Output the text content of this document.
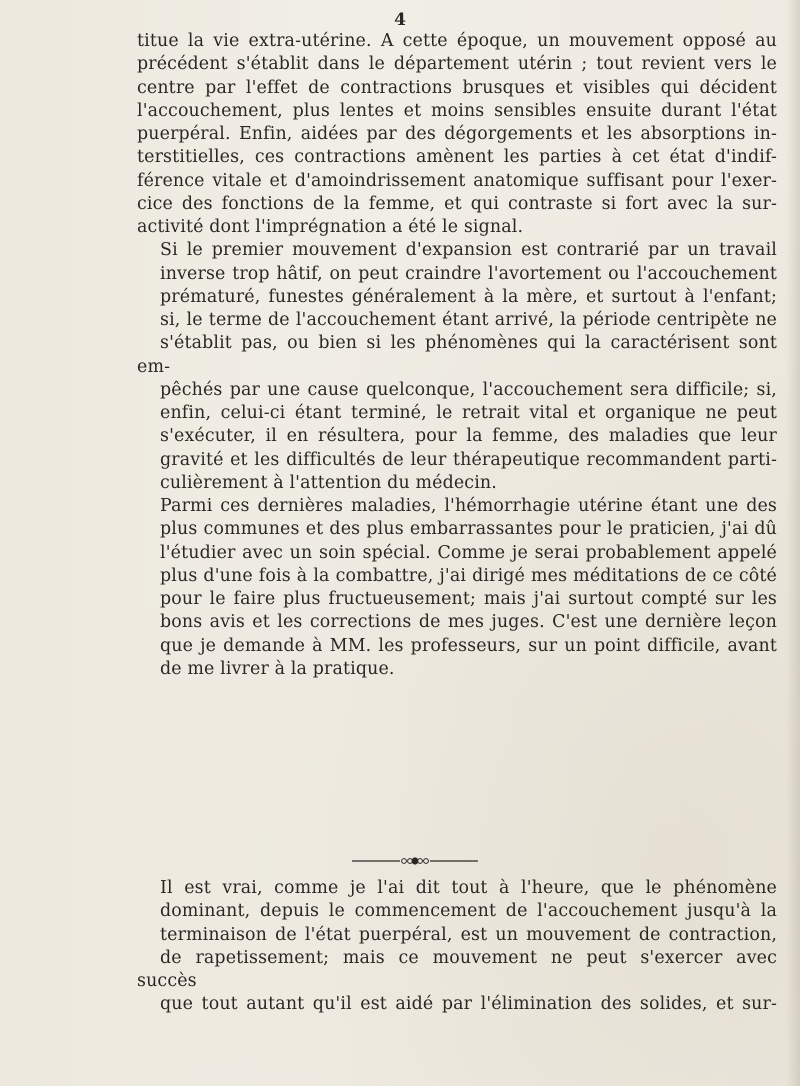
4

titue la vie extra-utérine. A cette époque, un mouvement opposé au
précédent s'établit dans le département utérin ; tout revient vers le
centre par l'effet de contractions brusques et visibles qui décident
l'accouchement, plus lentes et moins sensibles ensuite durant l'état
puerpéral. Enfin, aidées par des dégorgements et les absorptions in-
terstitielles, ces contractions amènent les parties à cet état d'indif-
férence vitale et d'amoindrissement anatomique suffisant pour l'exer-
cice des fonctions de la femme, et qui contraste si fort avec la sur-
activité dont l'imprégnation a été le signal.

Si le premier mouvement d'expansion est contrarié par un travail
inverse trop hâtif, on peut craindre l'avortement ou l'accouchement
prématuré, funestes généralement à la mère, et surtout à l'enfant;
si, le terme de l'accouchement étant arrivé, la période centripète ne
s'établit pas, ou bien si les phénomènes qui la caractérisent sont em-
pêchés par une cause quelconque, l'accouchement sera difficile; si,
enfin, celui-ci étant terminé, le retrait vital et organique ne peut
s'exécuter, il en résultera, pour la femme, des maladies que leur
gravité et les difficultés de leur thérapeutique recommandent parti-
culièrement à l'attention du médecin.

Parmi ces dernières maladies, l'hémorrhagie utérine étant une des
plus communes et des plus embarrassantes pour le praticien, j'ai dû
l'étudier avec un soin spécial. Comme je serai probablement appelé
plus d'une fois à la combattre, j'ai dirigé mes méditations de ce côté
pour le faire plus fructueusement; mais j'ai surtout compté sur les
bons avis et les corrections de mes juges. C'est une dernière leçon
que je demande à MM. les professeurs, sur un point difficile, avant
de me livrer à la pratique.

Il est vrai, comme je l'ai dit tout à l'heure, que le phénomène
dominant, depuis le commencement de l'accouchement jusqu'à la
terminaison de l'état puerpéral, est un mouvement de contraction,
de rapetissement; mais ce mouvement ne peut s'exercer avec succès
que tout autant qu'il est aidé par l'élimination des solides, et sur-
